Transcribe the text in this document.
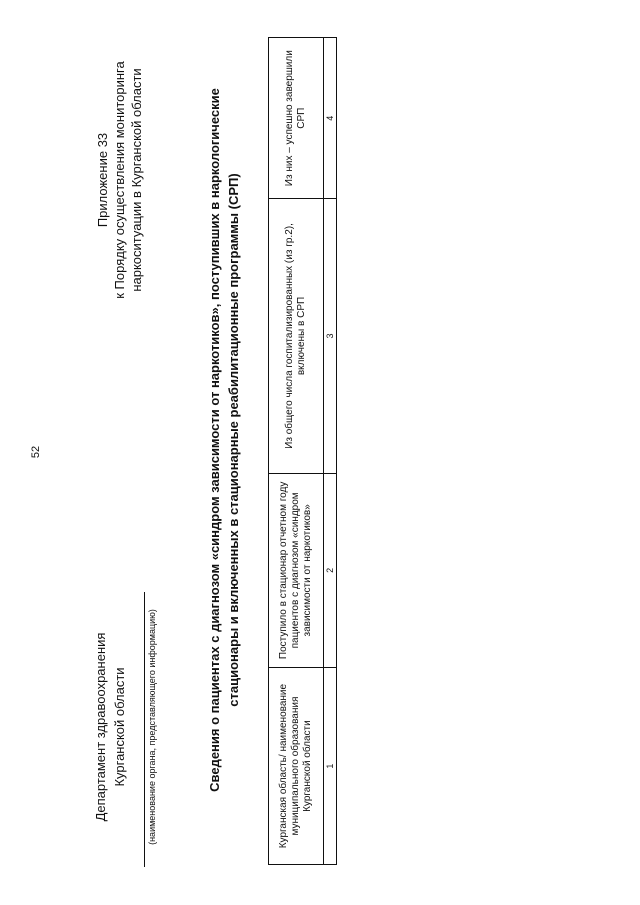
52
Департамент здравоохранения Курганской области	(наименование органа, представляющего информацию)
Приложение 33 к Порядку осуществления мониторинга наркоситуации в Курганской области	Сведения о пациентах с диагнозом «синдром зависимости от наркотиков», поступивших в наркологические стационары и включенных в стационарные реабилитационные программы (СРП)
Курганская область/ наименование муниципального образования Курганской области	Поступило в стационар отчетном году пациентов с диагнозом «синдром зависимости от наркотиков»	Из общего числа госпитализированных (из гр.2), включены в СРП	Из них – успешно завершили СРП
1	2	3	4
